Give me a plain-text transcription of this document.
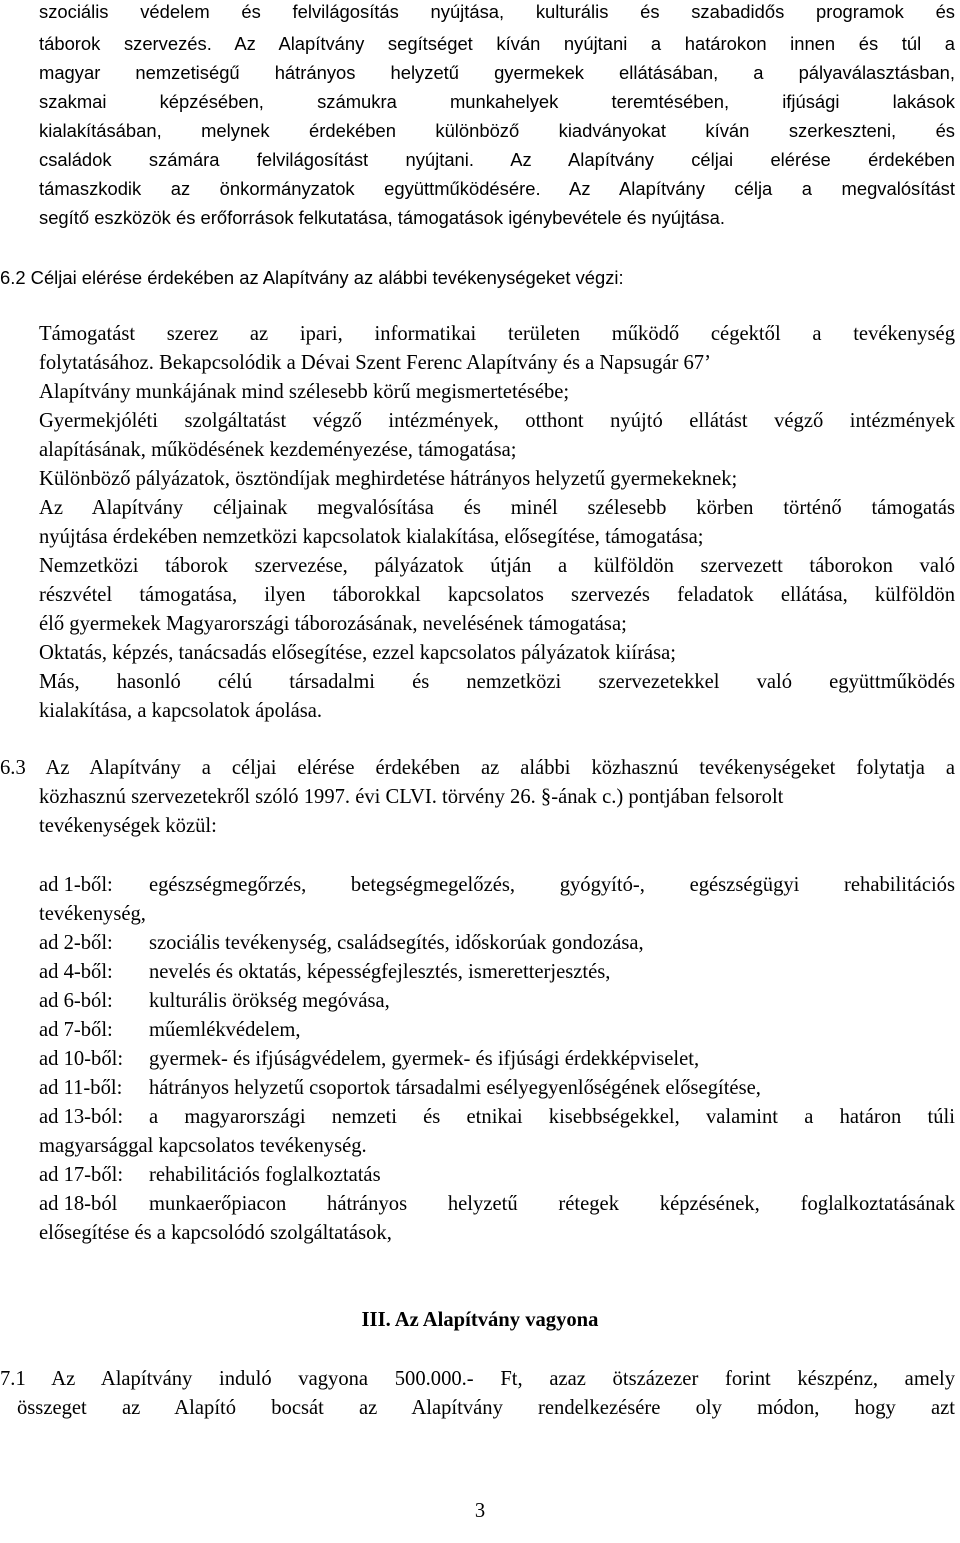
szociális védelem és felvilágosítás nyújtása, kulturális és szabadidős programok és
táborok szervezés. Az Alapítvány segítséget kíván nyújtani a határokon innen és túl a
magyar nemzetiségű hátrányos helyzetű gyermekek ellátásában, a pályaválasztásban,
szakmai képzésében, számukra munkahelyek teremtésében, ifjúsági lakások
kialakításában, melynek érdekében különböző kiadványokat kíván szerkeszteni, és
családok számára felvilágosítást nyújtani. Az Alapítvány céljai elérése érdekében
támaszkodik az önkormányzatok együttműködésére. Az Alapítvány célja a megvalósítást
segítő eszközök és erőforrások felkutatása, támogatások igénybevétele és nyújtása.
6.2 Céljai elérése érdekében az Alapítvány az alábbi tevékenységeket végzi:
Támogatást szerez az ipari, informatikai területen működő cégektől a tevékenység
folytatásához. Bekapcsolódik a Dévai Szent Ferenc Alapítvány és a Napsugár 67’
Alapítvány munkájának mind szélesebb körű megismertetésébe;
Gyermekjóléti szolgáltatást végző intézmények, otthont nyújtó ellátást végző intézmények
alapításának, működésének kezdeményezése, támogatása;
Különböző pályázatok, ösztöndíjak meghirdetése hátrányos helyzetű gyermekeknek;
Az Alapítvány céljainak megvalósítása és minél szélesebb körben történő támogatás
nyújtása érdekében nemzetközi kapcsolatok kialakítása, elősegítése, támogatása;
Nemzetközi táborok szervezése, pályázatok útján a külföldön szervezett táborokon való
részvétel támogatása, ilyen táborokkal kapcsolatos szervezés feladatok ellátása, külföldön
élő gyermekek Magyarországi táborozásának, nevelésének támogatása;
Oktatás, képzés, tanácsadás elősegítése, ezzel kapcsolatos pályázatok kiírása;
Más, hasonló célú társadalmi és nemzetközi szervezetekkel való együttműködés
kialakítása, a kapcsolatok ápolása.
6.3 Az Alapítvány a céljai elérése érdekében az alábbi közhasznú tevékenységeket folytatja a
közhasznú szervezetekről szóló 1997. évi CLVI. törvény 26. §-ának c.) pontjában felsorolt
tevékenységek közül:
ad 1-ből: egészségmegőrzés, betegségmegelőzés, gyógyító-, egészségügyi rehabilitációs
tevékenység,
ad 2-ből: szociális tevékenység, családsegítés, időskorúak gondozása,
ad 4-ből: nevelés és oktatás, képességfejlesztés, ismeretterjesztés,
ad 6-ból: kulturális örökség megóvása,
ad 7-ből: műemlékvédelem,
ad 10-ből: gyermek- és ifjúságvédelem, gyermek- és ifjúsági érdekképviselet,
ad 11-ből: hátrányos helyzetű csoportok társadalmi esélyegyenlőségének elősegítése,
ad 13-ból: a magyarországi nemzeti és etnikai kisebbségekkel, valamint a határon túli
magyarsággal kapcsolatos tevékenység.
ad 17-ből: rehabilitációs foglalkoztatás
ad 18-ból munkaerőpiacon hátrányos helyzetű rétegek képzésének, foglalkoztatásának
elősegítése és a kapcsolódó szolgáltatások,
III. Az Alapítvány vagyona
7.1 Az Alapítvány induló vagyona 500.000.- Ft, azaz ötszázezer forint készpénz, amely
összeget az Alapító bocsát az Alapítvány rendelkezésére oly módon, hogy azt
3
